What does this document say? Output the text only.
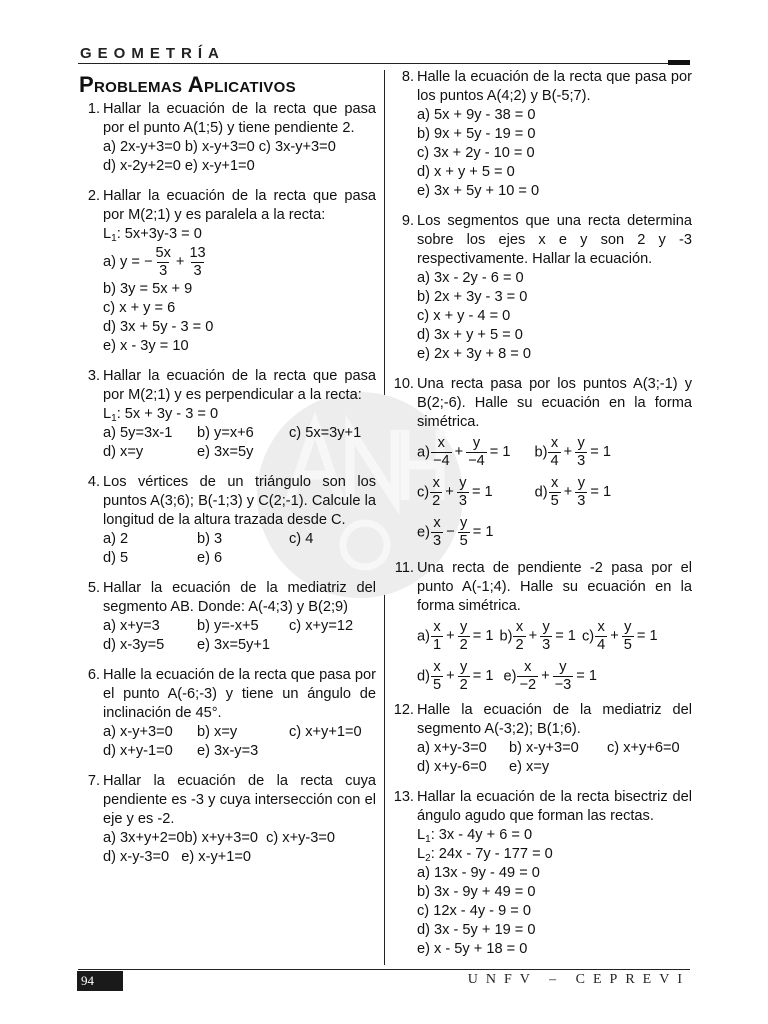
GEOMETRÍA
94	UNFV – CEPREVI
Problemas Aplicativos
1. Hallar la ecuación de la recta que pasa por el punto A(1;5) y tiene pendiente 2.
a) 2x-y+3=0 b) x-y+3=0 c) 3x-y+3=0
d) x-2y+2=0 e) x-y+1=0
2. Hallar la ecuación de la recta que pasa por M(2;1) y es paralela a la recta:
$L_1$: 5x+3y-3 = 0
a) y = − $\frac{5x}{3} + \frac{13}{3}$
b) 3y = 5x + 9
c) x + y = 6
d) 3x + 5y - 3 = 0
e) x - 3y = 10
3. Hallar la ecuación de la recta que pasa por M(2;1) y es perpendicular a la recta:
$L_1$: 5x + 3y - 3 = 0
a) 5y=3x-1	b) y=x+6	c) 5x=3y+1
d) x=y	e) 3x=5y
4. Los vértices de un triángulo son los puntos A(3;6); B(-1;3) y C(2;-1). Calcule la longitud de la altura trazada desde C.
a) 2	b) 3	c) 4
d) 5	e) 6
5. Hallar la ecuación de la mediatriz del segmento AB. Donde: A(-4;3) y B(2;9)
a) x+y=3	b) y=-x+5	c) x+y=12
d) x-3y=5	e) 3x=5y+1
6. Halle la ecuación de la recta que pasa por el punto A(-6;-3) y tiene un ángulo de inclinación de 45°.
a) x-y+3=0	b) x=y	c) x+y+1=0
d) x+y-1=0	e) 3x-y=3
7. Hallar la ecuación de la recta cuya pendiente es -3 y cuya intersección con el eje y es -2.
a) 3x+y+2=0b) x+y+3=0  c) x+y-3=0
d) x-y-3=0   e) x-y+1=0
8. Halle la ecuación de la recta que pasa por los puntos A(4;2) y B(-5;7).
a) 5x + 9y - 38 = 0
b) 9x + 5y - 19 = 0
c) 3x + 2y - 10 = 0
d) x + y + 5 = 0
e) 3x + 5y + 10 = 0
9. Los segmentos que una recta determina sobre los ejes x e y son 2 y -3 respectivamente. Hallar la ecuación.
a) 3x - 2y - 6 = 0
b) 2x + 3y - 3 = 0
c) x + y - 4 = 0
d) 3x + y + 5 = 0
e) 2x + 3y + 8 = 0
10. Una recta pasa por los puntos A(3;-1) y B(2;-6). Halle su ecuación en la forma simétrica.
$a) \frac{x}{-4} + \frac{y}{-4} = 1$ $b) \frac{x}{4} + \frac{y}{3} = 1$
$c) \frac{x}{2} + \frac{y}{3} = 1$	$d) \frac{x}{5} + \frac{y}{3} = 1$
$e) \frac{x}{3} - \frac{y}{5} = 1$
11. Una recta de pendiente -2 pasa por el punto A(-1;4). Halle su ecuación en la forma simétrica.
$a) \frac{x}{1} + \frac{y}{2} = 1$ $b) \frac{x}{2} + \frac{y}{3} = 1$ $c) \frac{x}{4} + \frac{y}{5} = 1$
$d) \frac{x}{5} + \frac{y}{2} = 1$ $e) \frac{x}{-2} + \frac{y}{-3} = 1$
12. Halle la ecuación de la mediatriz del segmento A(-3;2); B(1;6).
a) x+y-3=0	b) x-y+3=0	c) x+y+6=0
d) x+y-6=0	e) x=y
13. Hallar la ecuación de la recta bisectriz del ángulo agudo que forman las rectas.
$L_1$: 3x - 4y + 6 = 0
$L_2$: 24x - 7y - 177 = 0
a) 13x - 9y - 49 = 0
b) 3x - 9y + 49 = 0
c) 12x - 4y - 9 = 0
d) 3x - 5y + 19 = 0
e) x - 5y + 18 = 0
